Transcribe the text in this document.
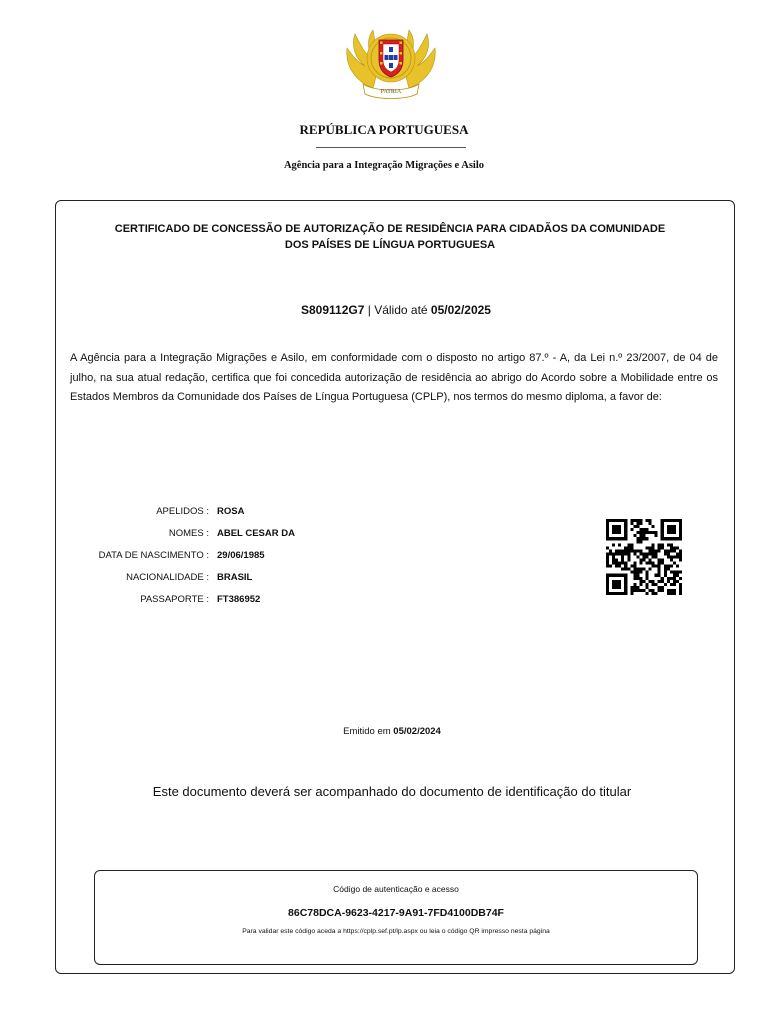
PATRIA
REPÚBLICA PORTUGUESA
Agência para a Integração Migrações e Asilo
CERTIFICADO DE CONCESSÃO DE AUTORIZAÇÃO DE RESIDÊNCIA PARA CIDADÃOS DA COMUNIDADE
DOS PAÍSES DE LÍNGUA PORTUGUESA
S809112G7 | Válido até 05/02/2025
A Agência para a Integração Migrações e Asilo, em conformidade com o disposto no artigo 87.º - A, da Lei n.º 23/2007, de 04 de julho, na sua atual redação, certifica que foi concedida autorização de residência ao abrigo do Acordo sobre a Mobilidade entre os Estados Membros da Comunidade dos Países de Língua Portuguesa (CPLP), nos termos do mesmo diploma, a favor de:
APELIDOS : ROSA
NOMES : ABEL CESAR DA
DATA DE NASCIMENTO : 29/06/1985
NACIONALIDADE : BRASIL
PASSAPORTE : FT386952
Emitido em 05/02/2024
Este documento deverá ser acompanhado do documento de identificação do titular
Código de autenticação e acesso
86C78DCA-9623-4217-9A91-7FD4100DB74F
Para validar este código aceda a https://cplp.sef.pt/lp.aspx ou leia o código QR impresso nesta página
